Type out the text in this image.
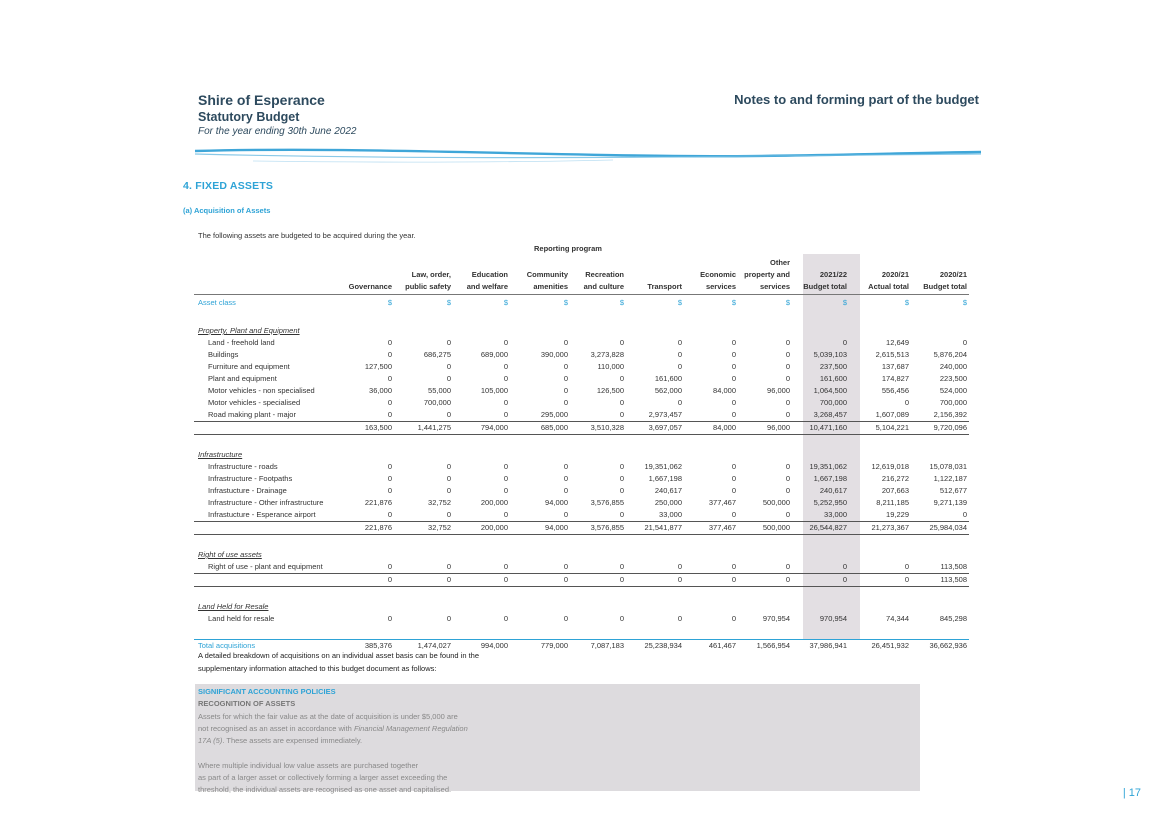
Shire of Esperance
Statutory Budget
For the year ending 30th June 2022
Notes to and forming part of the budget
4. FIXED ASSETS
(a) Acquisition of Assets
The following assets are budgeted to be acquired during the year.
Reporting program
								Other			
		Law, order,	Education	Community	Recreation		Economic	property and	2021/22	2020/21	2020/21
	Governance	public safety	and welfare	amenities	and culture	Transport	services	services	Budget total	Actual total	Budget total
Asset class	$	$	$	$	$	$	$	$	$	$	$

Property, Plant and Equipment											
Land - freehold land	0	0	0	0	0	0	0	0	0	12,649	0
Buildings	0	686,275	689,000	390,000	3,273,828	0	0	0	5,039,103	2,615,513	5,876,204
Furniture and equipment	127,500	0	0	0	110,000	0	0	0	237,500	137,687	240,000
Plant and equipment	0	0	0	0	0	161,600	0	0	161,600	174,827	223,500
Motor vehicles - non specialised	36,000	55,000	105,000	0	126,500	562,000	84,000	96,000	1,064,500	556,456	524,000
Motor vehicles - specialised	0	700,000	0	0	0	0	0	0	700,000	0	700,000
Road making plant - major	0	0	0	295,000	0	2,973,457	0	0	3,268,457	1,607,089	2,156,392
	163,500	1,441,275	794,000	685,000	3,510,328	3,697,057	84,000	96,000	10,471,160	5,104,221	9,720,096

Infrastructure											
Infrastructure - roads	0	0	0	0	0	19,351,062	0	0	19,351,062	12,619,018	15,078,031
Infrastructure - Footpaths	0	0	0	0	0	1,667,198	0	0	1,667,198	216,272	1,122,187
Infrastucture - Drainage	0	0	0	0	0	240,617	0	0	240,617	207,663	512,677
Infrastructure - Other infrastructure	221,876	32,752	200,000	94,000	3,576,855	250,000	377,467	500,000	5,252,950	8,211,185	9,271,139
Infrastucture - Esperance airport	0	0	0	0	0	33,000	0	0	33,000	19,229	0
	221,876	32,752	200,000	94,000	3,576,855	21,541,877	377,467	500,000	26,544,827	21,273,367	25,984,034

Right of use assets											
Right of use - plant and equipment	0	0	0	0	0	0	0	0	0	0	113,508
	0	0	0	0	0	0	0	0	0	0	113,508

Land Held for Resale											
Land held for resale	0	0	0	0	0	0	0	970,954	970,954	74,344	845,298

Total acquisitions	385,376	1,474,027	994,000	779,000	7,087,183	25,238,934	461,467	1,566,954	37,986,941	26,451,932	36,662,936
A detailed breakdown of acquisitions on an individual asset basis can be found in the
supplementary information attached to this budget document as follows:
SIGNIFICANT ACCOUNTING POLICIES
RECOGNITION OF ASSETS
Assets for which the fair value as at the date of acquisition is under $5,000 are
not recognised as an asset in accordance with Financial Management Regulation
17A (5). These assets are expensed immediately.
Where multiple individual low value assets are purchased together
as part of a larger asset or collectively forming a larger asset exceeding the
threshold, the individual assets are recognised as one asset and capitalised.	| 17
